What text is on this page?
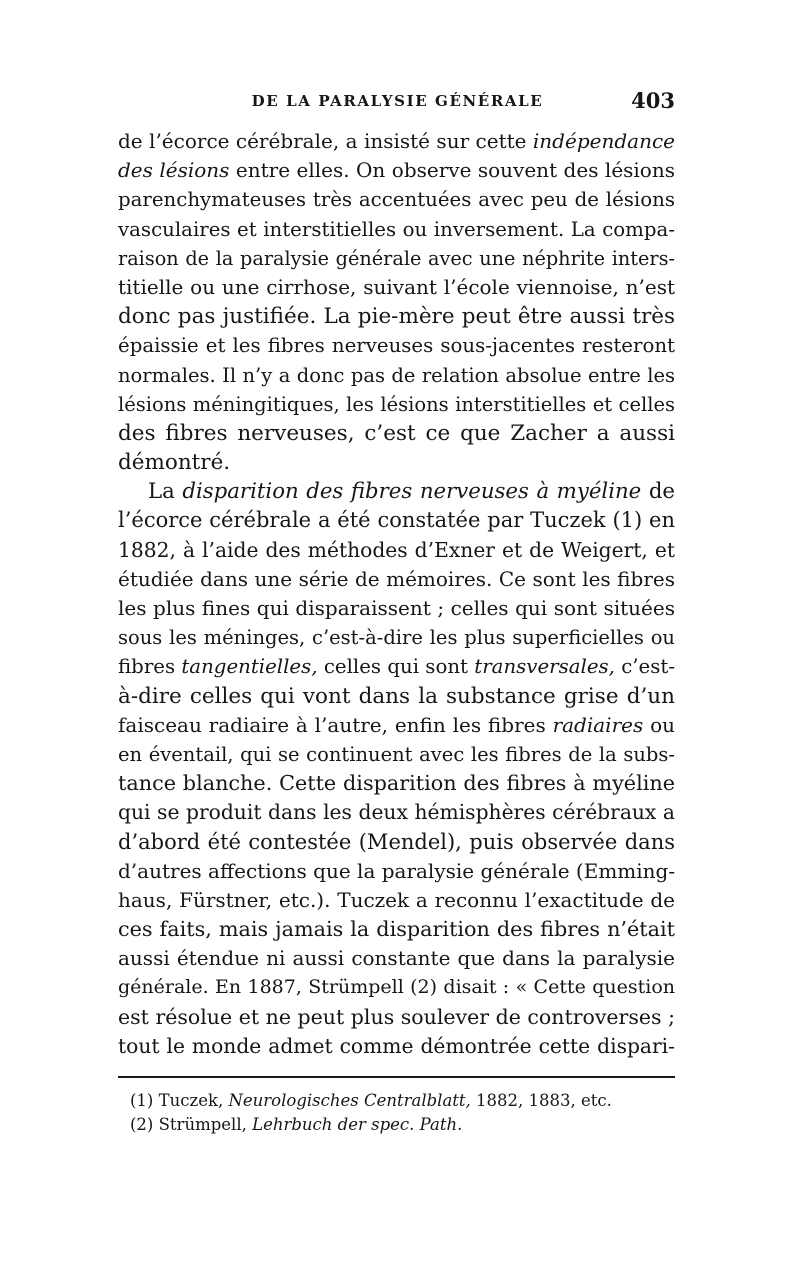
DE LA PARALYSIE GÉNÉRALE	403
de l’écorce cérébrale, a insisté sur cette indépendance
des lésions entre elles. On observe souvent des lésions
parenchymateuses très accentuées avec peu de lésions
vasculaires et interstitielles ou inversement. La compa-
raison de la paralysie générale avec une néphrite inters-
titielle ou une cirrhose, suivant l’école viennoise, n’est
donc pas justifiée. La pie-mère peut être aussi très
épaissie et les fibres nerveuses sous-jacentes resteront
normales. Il n’y a donc pas de relation absolue entre les
lésions méningitiques, les lésions interstitielles et celles
des fibres nerveuses, c’est ce que Zacher a aussi
démontré.
La disparition des fibres nerveuses à myéline de
l’écorce cérébrale a été constatée par Tuczek (1) en
1882, à l’aide des méthodes d’Exner et de Weigert, et
étudiée dans une série de mémoires. Ce sont les fibres
les plus fines qui disparaissent ; celles qui sont situées
sous les méninges, c’est-à-dire les plus superficielles ou
fibres tangentielles, celles qui sont transversales, c’est-
à-dire celles qui vont dans la substance grise d’un
faisceau radiaire à l’autre, enfin les fibres radiaires ou
en éventail, qui se continuent avec les fibres de la subs-
tance blanche. Cette disparition des fibres à myéline
qui se produit dans les deux hémisphères cérébraux a
d’abord été contestée (Mendel), puis observée dans
d’autres affections que la paralysie générale (Emming-
haus, Fürstner, etc.). Tuczek a reconnu l’exactitude de
ces faits, mais jamais la disparition des fibres n’était
aussi étendue ni aussi constante que dans la paralysie
générale. En 1887, Strümpell (2) disait : « Cette question
est résolue et ne peut plus soulever de controverses ;
tout le monde admet comme démontrée cette dispari-
(1) Tuczek, Neurologisches Centralblatt, 1882, 1883, etc.
(2) Strümpell, Lehrbuch der spec. Path.
